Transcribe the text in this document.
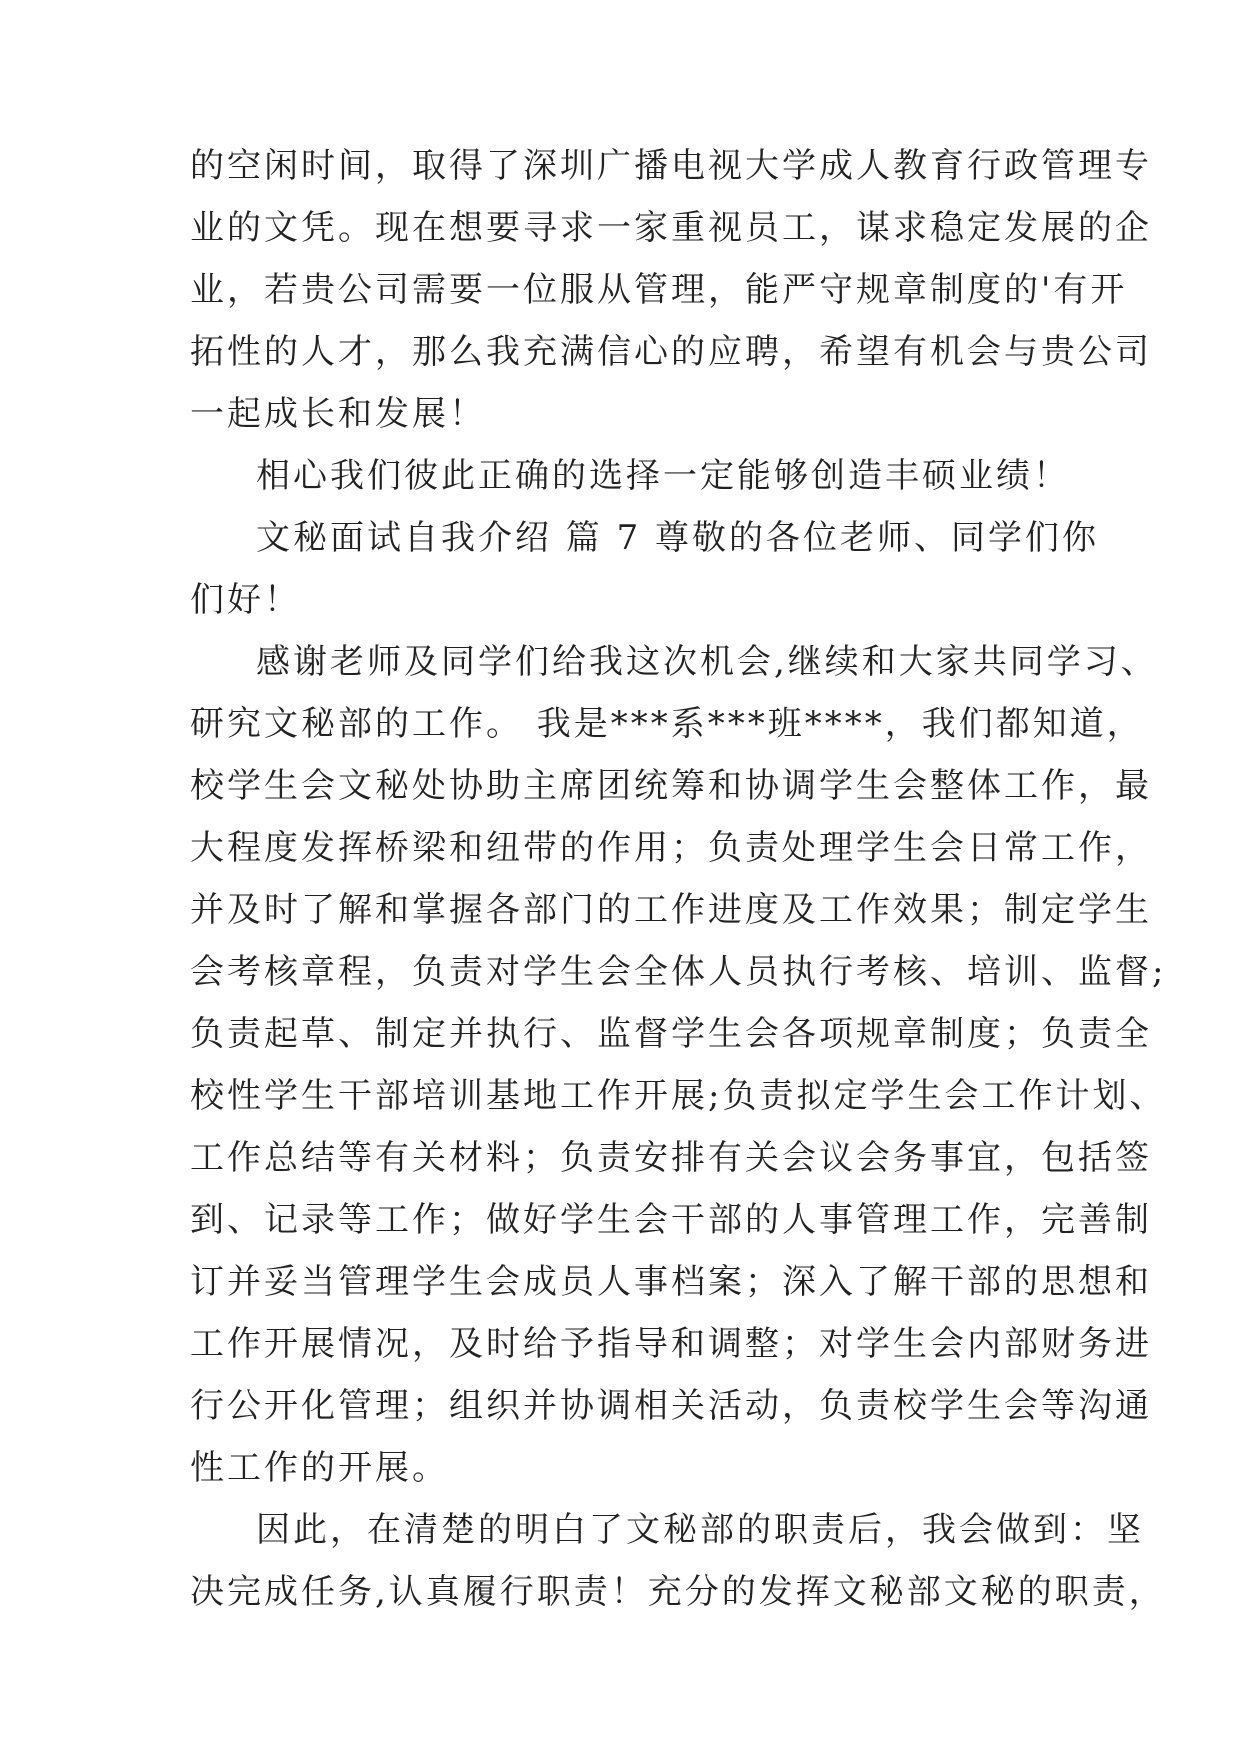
的空闲时间，取得了深圳广播电视大学成人教育行政管理专
业的文凭。现在想要寻求一家重视员工，谋求稳定发展的企
业，若贵公司需要一位服从管理，能严守规章制度的'有开
拓性的人才，那么我充满信心的应聘，希望有机会与贵公司
一起成长和发展！
相心我们彼此正确的选择一定能够创造丰硕业绩！
文秘面试自我介绍 篇 7 尊敬的各位老师、同学们你
们好！
感谢老师及同学们给我这次机会,继续和大家共同学习、
研究文秘部的工作。 我是***系***班****，我们都知道，
校学生会文秘处协助主席团统筹和协调学生会整体工作，最
大程度发挥桥梁和纽带的作用；负责处理学生会日常工作，
并及时了解和掌握各部门的工作进度及工作效果；制定学生
会考核章程，负责对学生会全体人员执行考核、培训、监督;
负责起草、制定并执行、监督学生会各项规章制度；负责全
校性学生干部培训基地工作开展;负责拟定学生会工作计划、
工作总结等有关材料；负责安排有关会议会务事宜，包括签
到、记录等工作；做好学生会干部的人事管理工作，完善制
订并妥当管理学生会成员人事档案；深入了解干部的思想和
工作开展情况，及时给予指导和调整；对学生会内部财务进
行公开化管理；组织并协调相关活动，负责校学生会等沟通
性工作的开展。
因此，在清楚的明白了文秘部的职责后，我会做到：坚
决完成任务,认真履行职责！充分的发挥文秘部文秘的职责，
